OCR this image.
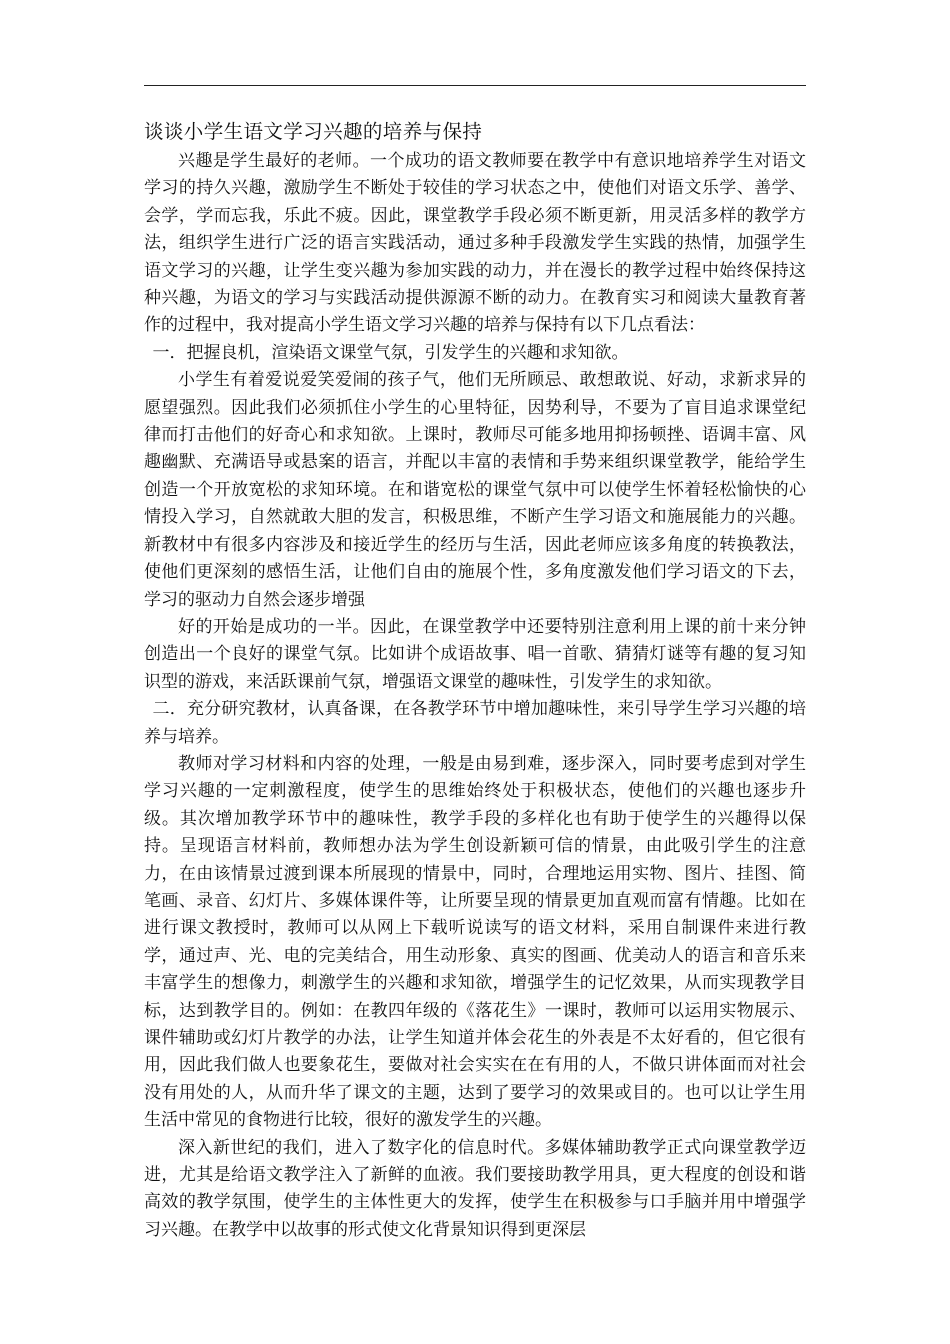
谈谈小学生语文学习兴趣的培养与保持

兴趣是学生最好的老师。一个成功的语文教师要在教学中有意识地培养学生对语文学习的持久兴趣，激励学生不断处于较佳的学习状态之中，使他们对语文乐学、善学、会学，学而忘我，乐此不疲。因此，课堂教学手段必须不断更新，用灵活多样的教学方法，组织学生进行广泛的语言实践活动，通过多种手段激发学生实践的热情，加强学生语文学习的兴趣，让学生变兴趣为参加实践的动力，并在漫长的教学过程中始终保持这种兴趣，为语文的学习与实践活动提供源源不断的动力。在教育实习和阅读大量教育著作的过程中，我对提高小学生语文学习兴趣的培养与保持有以下几点看法：

一．把握良机，渲染语文课堂气氛，引发学生的兴趣和求知欲。

小学生有着爱说爱笑爱闹的孩子气，他们无所顾忌、敢想敢说、好动，求新求异的愿望强烈。因此我们必须抓住小学生的心里特征，因势利导，不要为了盲目追求课堂纪律而打击他们的好奇心和求知欲。上课时，教师尽可能多地用抑扬顿挫、语调丰富、风趣幽默、充满语导或悬案的语言，并配以丰富的表情和手势来组织课堂教学，能给学生创造一个开放宽松的求知环境。在和谐宽松的课堂气氛中可以使学生怀着轻松愉快的心情投入学习，自然就敢大胆的发言，积极思维，不断产生学习语文和施展能力的兴趣。新教材中有很多内容涉及和接近学生的经历与生活，因此老师应该多角度的转换教法，使他们更深刻的感悟生活，让他们自由的施展个性，多角度激发他们学习语文的下去，学习的驱动力自然会逐步增强

好的开始是成功的一半。因此，在课堂教学中还要特别注意利用上课的前十来分钟创造出一个良好的课堂气氛。比如讲个成语故事、唱一首歌、猜猜灯谜等有趣的复习知识型的游戏，来活跃课前气氛，增强语文课堂的趣味性，引发学生的求知欲。

二．充分研究教材，认真备课，在各教学环节中增加趣味性，来引导学生学习兴趣的培养与培养。

教师对学习材料和内容的处理，一般是由易到难，逐步深入，同时要考虑到对学生学习兴趣的一定刺激程度，使学生的思维始终处于积极状态，使他们的兴趣也逐步升级。其次增加教学环节中的趣味性，教学手段的多样化也有助于使学生的兴趣得以保持。呈现语言材料前，教师想办法为学生创设新颖可信的情景，由此吸引学生的注意力，在由该情景过渡到课本所展现的情景中，同时，合理地运用实物、图片、挂图、简笔画、录音、幻灯片、多媒体课件等，让所要呈现的情景更加直观而富有情趣。比如在进行课文教授时，教师可以从网上下载听说读写的语文材料，采用自制课件来进行教学，通过声、光、电的完美结合，用生动形象、真实的图画、优美动人的语言和音乐来丰富学生的想像力，刺激学生的兴趣和求知欲，增强学生的记忆效果，从而实现教学目标，达到教学目的。例如：在教四年级的《落花生》一课时，教师可以运用实物展示、课件辅助或幻灯片教学的办法，让学生知道并体会花生的外表是不太好看的，但它很有用，因此我们做人也要象花生，要做对社会实实在在有用的人，不做只讲体面而对社会没有用处的人，从而升华了课文的主题，达到了要学习的效果或目的。也可以让学生用生活中常见的食物进行比较，很好的激发学生的兴趣。

深入新世纪的我们，进入了数字化的信息时代。多媒体辅助教学正式向课堂教学迈进，尤其是给语文教学注入了新鲜的血液。我们要接助教学用具，更大程度的创设和谐高效的教学氛围，使学生的主体性更大的发挥，使学生在积极参与口手脑并用中增强学习兴趣。在教学中以故事的形式使文化背景知识得到更深层
